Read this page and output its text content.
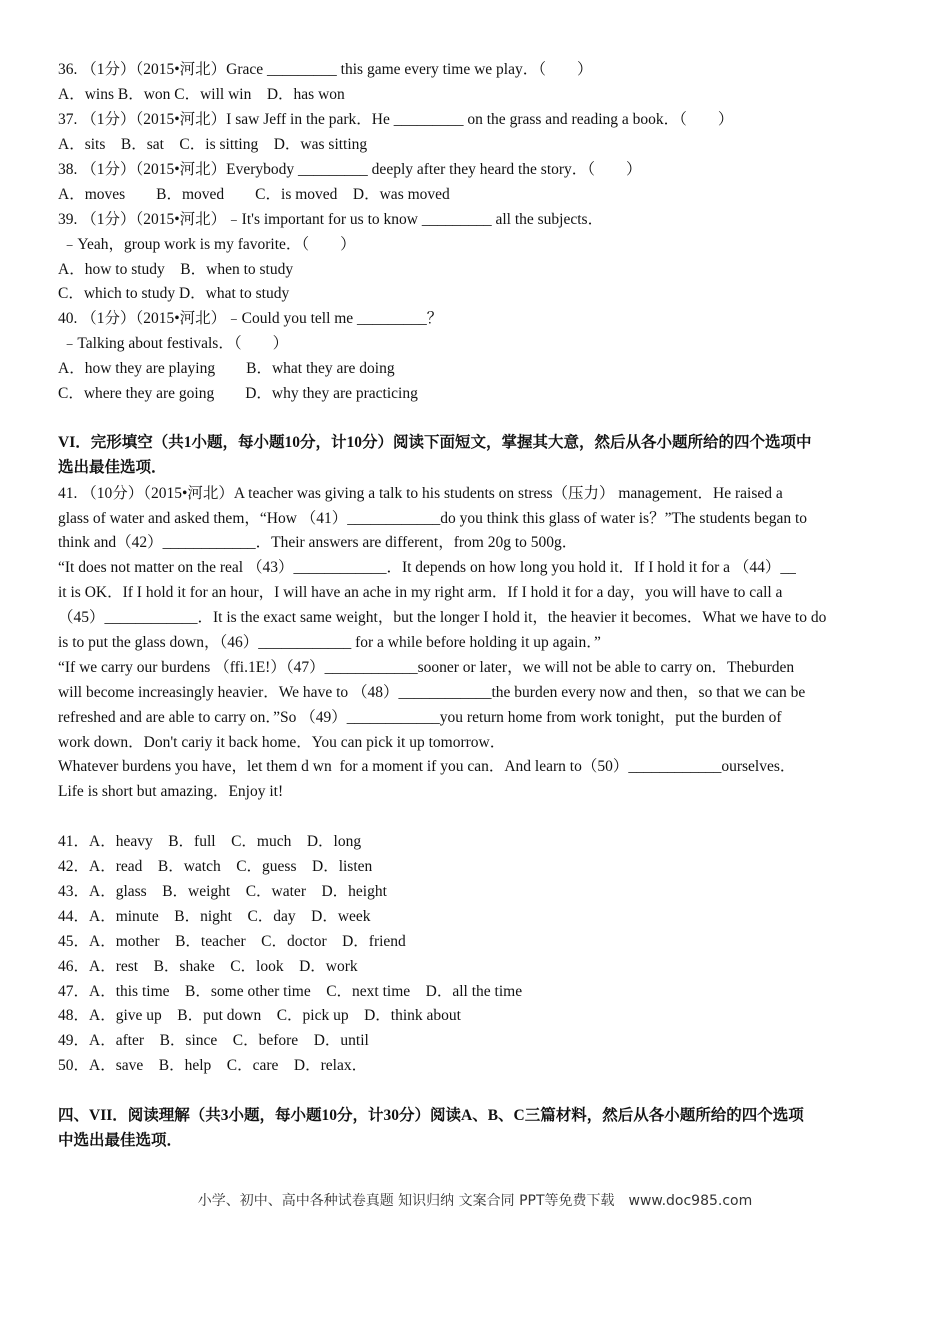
36. （1分）（2015•河北）Grace _________ this game every time we play．（　　）
A．wins B．won C．will win　D．has won
37. （1分）（2015•河北）I saw Jeff in the park．He _________ on the grass and reading a book．（　　）
A．sits　B．sat　C．is sitting　D．was sitting
38. （1分）（2015•河北）Everybody _________ deeply after they heard the story．（　　）
A．moves　　B．moved　　C．is moved　D．was moved
39. （1分）（2015•河北）﹣It's important for us to know _________ all the subjects．
﹣Yeah，group work is my favorite．（　　）
A．how to study　B．when to study
C．which to study D．what to study
40. （1分）（2015•河北）﹣Could you tell me _________？
﹣Talking about festivals．（　　）
A．how they are playing　　B．what they are doing
C．where they are going　　D．why they are practicing
VI．完形填空（共1小题，每小题10分，计10分）阅读下面短文，掌握其大意，然后从各小题所给的四个选项中
选出最佳选项．
41. （10分）（2015•河北）A teacher was giving a talk to his students on stress（压力） management．He raised a
glass of water and asked them，“How （41）____________do you think this glass of water is？”The students began to
think and（42）____________．Their answers are different，from 20g to 500g．
“It does not matter on the real （43）____________．It depends on how long you hold it．If I hold it for a （44）__
it is OK．If I hold it for an hour，I will have an ache in my right arm．If I hold it for a day，you will have to call a
（45）____________．It is the exact same weight，but the longer I hold it，the heavier it becomes．What we have to do
is to put the glass down，（46）____________ for a while before holding it up again．”
“If we carry our burdens （ffi.1E!）（47）____________sooner or later，we will not be able to carry on．Theburden
will become increasingly heavier．We have to （48）____________the burden every now and then，so that we can be
refreshed and are able to carry on．”So （49）____________you return home from work tonight，put the burden of
work down．Don't cariy it back home．You can pick it up tomorrow．
Whatever burdens you have，let them d wn  for a moment if you can．And learn to（50）____________ourselves．
Life is short but amazing．Enjoy it!
41．A．heavy　B．full　C．much　D．long
42．A．read　B．watch　C．guess　D．listen
43．A．glass　B．weight　C．water　D．height
44．A．minute　B．night　C．day　D．week
45．A．mother　B．teacher　C．doctor　D．friend
46．A．rest　B．shake　C．look　D．work
47．A．this time　B．some other time　C．next time　D．all the time
48．A．give up　B．put down　C．pick up　D．think about
49．A．after　B．since　C．before　D．until
50．A．save　B．help　C．care　D．relax．
四、VII．阅读理解（共3小题，每小题10分，计30分）阅读A、B、C三篇材料，然后从各小题所给的四个选项
中选出最佳选项．
小学、初中、高中各种试卷真题 知识归纳 文案合同 PPT等免费下载　www.doc985.com
